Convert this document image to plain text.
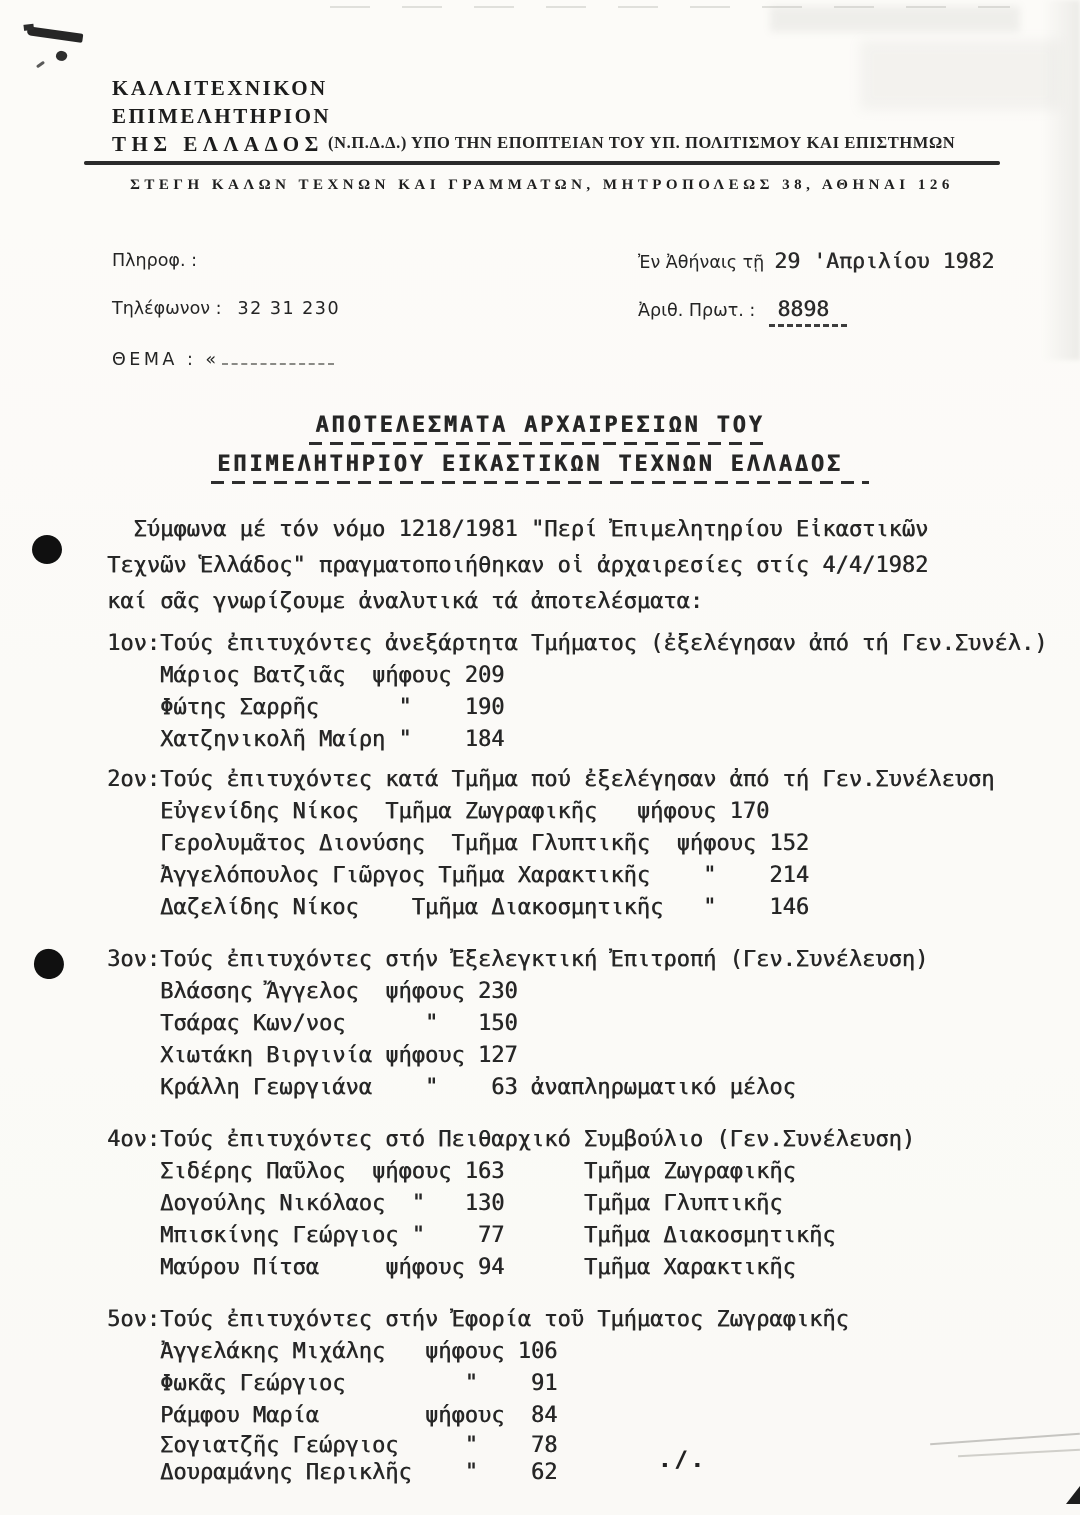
ΚΑΛΛΙΤΕΧΝΙΚΟΝ
ΕΠΙΜΕΛΗΤΗΡΙΟΝ
ΤΗΣ ΕΛΛΑΔΟΣ (Ν.Π.Δ.Δ.) ΥΠΟ ΤΗΝ ΕΠΟΠΤΕΙΑΝ ΤΟΥ ΥΠ. ΠΟΛΙΤΙΣΜΟΥ ΚΑΙ ΕΠΙΣΤΗΜΩΝ
ΣΤΕΓΗ ΚΑΛΩΝ ΤΕΧΝΩΝ ΚΑΙ ΓΡΑΜΜΑΤΩΝ, ΜΗΤΡΟΠΟΛΕΩΣ 38, ΑΘΗΝΑΙ 126
Πληροφ. :	Ἐν Ἀθήναις τῇ 29 'Απριλίου 1982
Τηλέφωνον : 32 31 230	Ἀριθ. Πρωτ. :	8898
ΘΕΜΑ : «
ΑΠΟΤΕΛΕΣΜΑΤΑ ΑΡΧΑΙΡΕΣΙΩΝ ΤΟΥ
ΕΠΙΜΕΛΗΤΗΡΙΟΥ ΕΙΚΑΣΤΙΚΩΝ ΤΕΧΝΩΝ ΕΛΛΑΔΟΣ
Σύμφωνα μέ τόν νόμο 1218/1981 "Περί Ἐπιμελητηρίου Εἰκαστικῶν
Τεχνῶν Ἑλλάδος" πραγματοποιήθηκαν οἱ ἀρχαιρεσίες στίς 4/4/1982
καί σᾶς γνωρίζουμε ἀναλυτικά τά ἀποτελέσματα:
1ον:Τούς ἐπιτυχόντες ἀνεξάρτητα Τμήματος (ἐξελέγησαν ἀπό τή Γεν.Συνέλ.)
Μάριος Βατζιᾶς  ψήφους 209
Φώτης Σαρρῆς      "    190
Χατζηνικολῆ Μαίρη "    184
2ον:Τούς ἐπιτυχόντες κατά Τμῆμα πού ἐξελέγησαν ἀπό τή Γεν.Συνέλευση
Εὐγενίδης Νίκος  Τμῆμα Ζωγραφικῆς   ψήφους 170
Γερολυμᾶτος Διονύσης  Τμῆμα Γλυπτικῆς  ψήφους 152
Ἀγγελόπουλος Γιῶργος Τμῆμα Χαρακτικῆς    "    214
Δαζελίδης Νίκος    Τμῆμα Διακοσμητικῆς   "    146
3ον:Τούς ἐπιτυχόντες στήν Ἐξελεγκτική Ἐπιτροπή (Γεν.Συνέλευση)
Βλάσσης Ἄγγελος  ψήφους 230
Τσάρας Κων/νος      "   150
Χιωτάκη Βιργινία ψήφους 127
Κράλλη Γεωργιάνα    "    63 ἀναπληρωματικό μέλος
4ον:Τούς ἐπιτυχόντες στό Πειθαρχικό Συμβούλιο (Γεν.Συνέλευση)
Σιδέρης Παῦλος  ψήφους 163      Τμῆμα Ζωγραφικῆς
Δογούλης Νικόλαος  "   130      Τμῆμα Γλυπτικῆς
Μπισκίνης Γεώργιος "    77      Τμῆμα Διακοσμητικῆς
Μαύρου Πίτσα     ψήφους 94      Τμῆμα Χαρακτικῆς
5ον:Τούς ἐπιτυχόντες στήν Ἐφορία τοῦ Τμήματος Ζωγραφικῆς
Ἀγγελάκης Μιχάλης   ψήφους 106
Φωκᾶς Γεώργιος         "    91
Ράμφου Μαρία        ψήφους  84
Σογιατζῆς Γεώργιος     "    78
Δουραμάνης Περικλῆς    "    62	./.
